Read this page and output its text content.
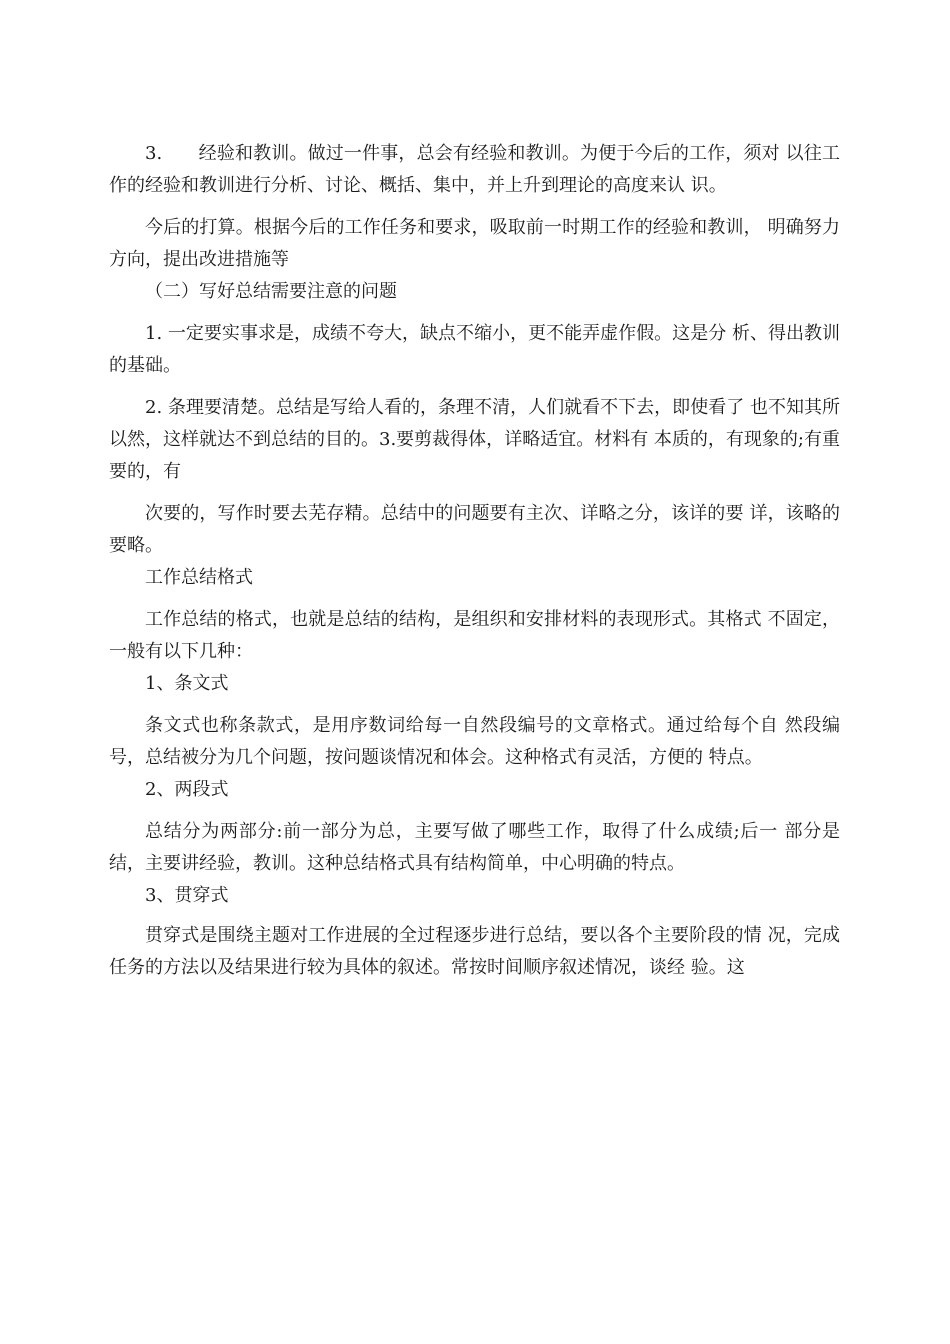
3.　　经验和教训。做过一件事，总会有经验和教训。为便于今后的工作，须对 以往工作的经验和教训进行分析、讨论、概括、集中，并上升到理论的高度来认 识。

今后的打算。根据今后的工作任务和要求，吸取前一时期工作的经验和教训， 明确努力方向，提出改进措施等

（二）写好总结需要注意的问题

1. 一定要实事求是，成绩不夸大，缺点不缩小，更不能弄虚作假。这是分 析、得出教训的基础。

2. 条理要清楚。总结是写给人看的，条理不清，人们就看不下去，即使看了 也不知其所以然，这样就达不到总结的目的。3.要剪裁得体，详略适宜。材料有 本质的，有现象的;有重要的，有

次要的，写作时要去芜存精。总结中的问题要有主次、详略之分，该详的要 详，该略的要略。

工作总结格式

工作总结的格式，也就是总结的结构，是组织和安排材料的表现形式。其格式 不固定，一般有以下几种：

1、条文式

条文式也称条款式，是用序数词给每一自然段编号的文章格式。通过给每个自 然段编号，总结被分为几个问题，按问题谈情况和体会。这种格式有灵活，方便的 特点。

2、两段式

总结分为两部分:前一部分为总，主要写做了哪些工作，取得了什么成绩;后一 部分是结，主要讲经验，教训。这种总结格式具有结构简单，中心明确的特点。

3、贯穿式

贯穿式是围绕主题对工作进展的全过程逐步进行总结，要以各个主要阶段的情 况，完成任务的方法以及结果进行较为具体的叙述。常按时间顺序叙述情况，谈经 验。这
